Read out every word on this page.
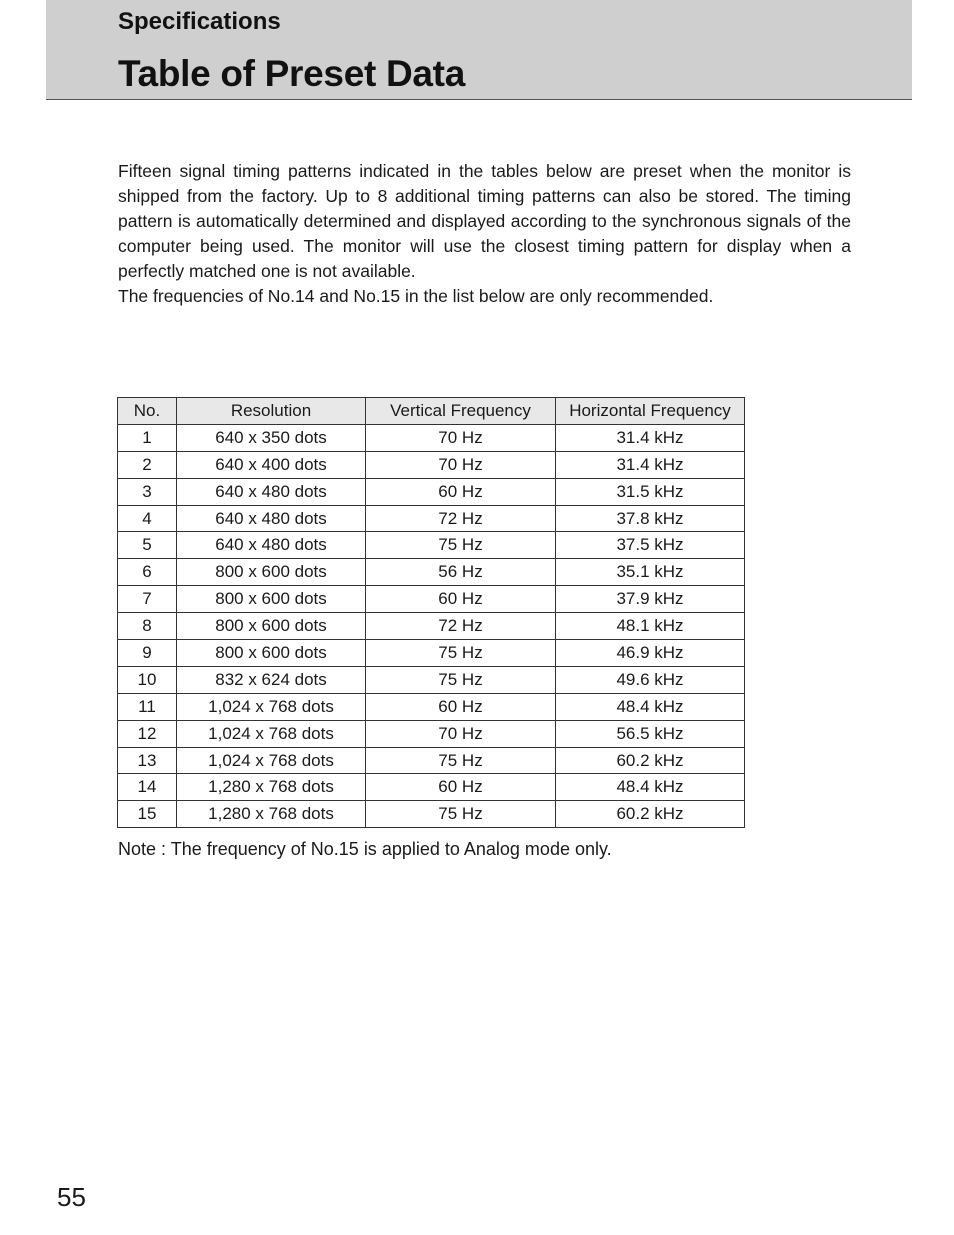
Specifications
Table of Preset Data

Fifteen signal timing patterns indicated in the tables below are preset when the monitor is shipped from the factory. Up to 8 additional timing patterns can also be stored. The timing pattern is automatically determined and displayed according to the synchronous signals of the computer being used. The monitor will use the closest timing pattern for display when a perfectly matched one is not available.

The frequencies of No.14 and No.15 in the list below are only recommended.

No.	Resolution	Vertical Frequency	Horizontal Frequency
1	640 x 350 dots	70 Hz	31.4 kHz
2	640 x 400 dots	70 Hz	31.4 kHz
3	640 x 480 dots	60 Hz	31.5 kHz
4	640 x 480 dots	72 Hz	37.8 kHz
5	640 x 480 dots	75 Hz	37.5 kHz
6	800 x 600 dots	56 Hz	35.1 kHz
7	800 x 600 dots	60 Hz	37.9 kHz
8	800 x 600 dots	72 Hz	48.1 kHz
9	800 x 600 dots	75 Hz	46.9 kHz
10	832 x 624 dots	75 Hz	49.6 kHz
11	1,024 x 768 dots	60 Hz	48.4 kHz
12	1,024 x 768 dots	70 Hz	56.5 kHz
13	1,024 x 768 dots	75 Hz	60.2 kHz
14	1,280 x 768 dots	60 Hz	48.4 kHz
15	1,280 x 768 dots	75 Hz	60.2 kHz

Note : The frequency of No.15 is applied to Analog mode only.

55
